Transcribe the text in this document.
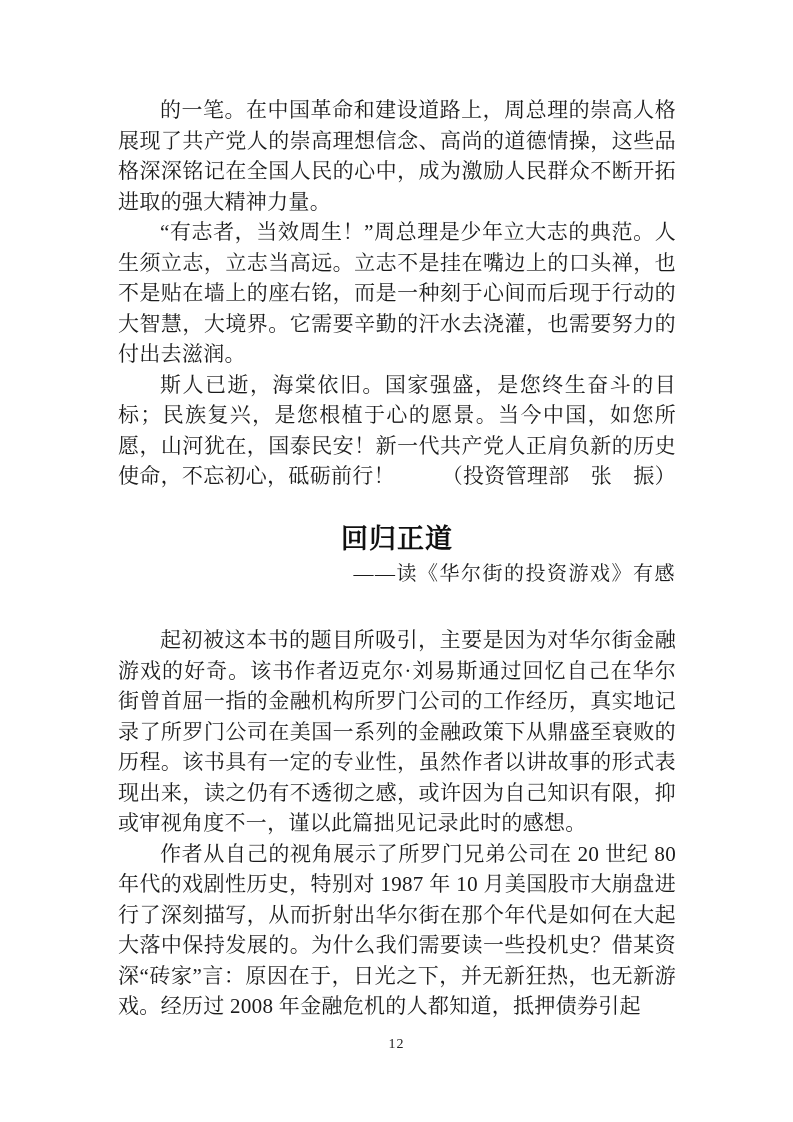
的一笔。在中国革命和建设道路上，周总理的崇高人格展现了共产党人的崇高理想信念、高尚的道德情操，这些品格深深铭记在全国人民的心中，成为激励人民群众不断开拓进取的强大精神力量。

“有志者，当效周生！”周总理是少年立大志的典范。人生须立志，立志当高远。立志不是挂在嘴边上的口头禅，也不是贴在墙上的座右铭，而是一种刻于心间而后现于行动的大智慧，大境界。它需要辛勤的汗水去浇灌，也需要努力的付出去滋润。

斯人已逝，海棠依旧。国家强盛，是您终生奋斗的目标；民族复兴，是您根植于心的愿景。当今中国，如您所愿，山河犹在，国泰民安！新一代共产党人正肩负新的历史使命，不忘初心，砥砺前行！ （投资管理部　张　振）

回归正道
——读《华尔街的投资游戏》有感

起初被这本书的题目所吸引，主要是因为对华尔街金融游戏的好奇。该书作者迈克尔·刘易斯通过回忆自己在华尔街曾首屈一指的金融机构所罗门公司的工作经历，真实地记录了所罗门公司在美国一系列的金融政策下从鼎盛至衰败的历程。该书具有一定的专业性，虽然作者以讲故事的形式表现出来，读之仍有不透彻之感，或许因为自己知识有限，抑或审视角度不一，谨以此篇拙见记录此时的感想。

作者从自己的视角展示了所罗门兄弟公司在 20 世纪 80 年代的戏剧性历史，特别对 1987 年 10 月美国股市大崩盘进行了深刻描写，从而折射出华尔街在那个年代是如何在大起大落中保持发展的。为什么我们需要读一些投机史？借某资深“砖家”言：原因在于，日光之下，并无新狂热，也无新游戏。经历过 2008 年金融危机的人都知道，抵押债券引起

12
